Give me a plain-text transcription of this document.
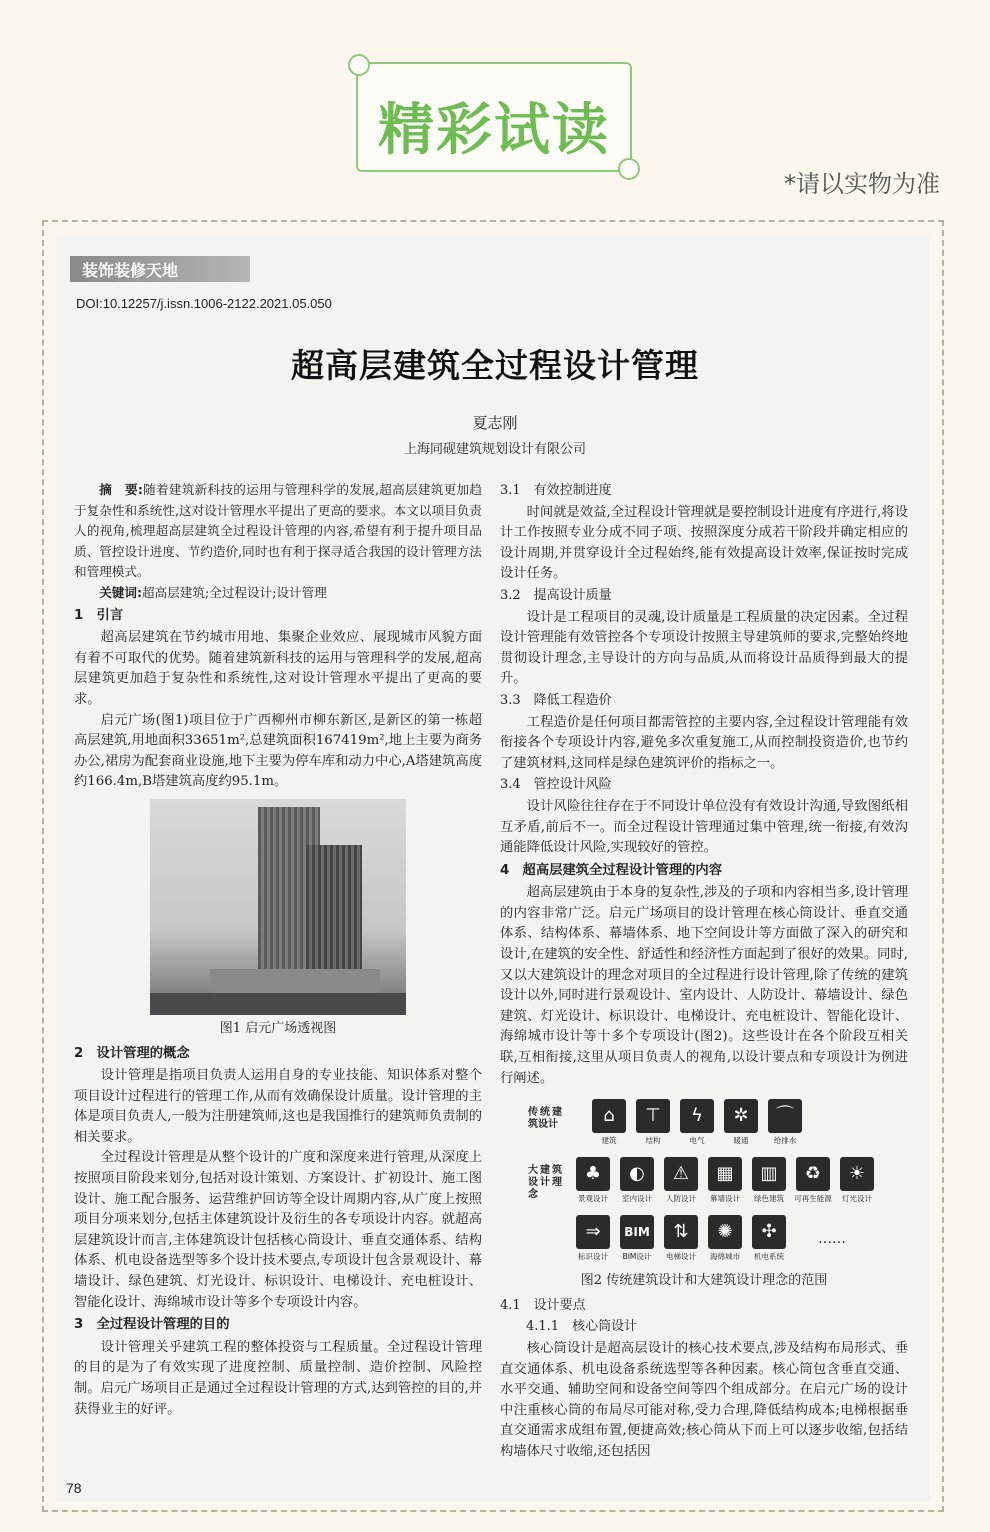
精彩试读
*请以实物为准
装饰装修天地
DOI:10.12257/j.issn.1006-2122.2021.05.050
超高层建筑全过程设计管理
夏志刚
上海同砚建筑规划设计有限公司

摘　要:随着建筑新科技的运用与管理科学的发展,超高层建筑更加趋于复杂性和系统性,这对设计管理水平提出了更高的要求。本文以项目负责人的视角,梳理超高层建筑全过程设计管理的内容,希望有利于提升项目品质、管控设计进度、节约造价,同时也有利于探寻适合我国的设计管理方法和管理模式。

关键词:超高层建筑;全过程设计;设计管理

1　引言

超高层建筑在节约城市用地、集聚企业效应、展现城市风貌方面有着不可取代的优势。随着建筑新科技的运用与管理科学的发展,超高层建筑更加趋于复杂性和系统性,这对设计管理水平提出了更高的要求。

启元广场(图1)项目位于广西柳州市柳东新区,是新区的第一栋超高层建筑,用地面积33651m²,总建筑面积167419m²,地上主要为商务办公,裙房为配套商业设施,地下主要为停车库和动力中心,A塔建筑高度约166.4m,B塔建筑高度约95.1m。

图1 启元广场透视图
2　设计管理的概念

设计管理是指项目负责人运用自身的专业技能、知识体系对整个项目设计过程进行的管理工作,从而有效确保设计质量。设计管理的主体是项目负责人,一般为注册建筑师,这也是我国推行的建筑师负责制的相关要求。

全过程设计管理是从整个设计的广度和深度来进行管理,从深度上按照项目阶段来划分,包括对设计策划、方案设计、扩初设计、施工图设计、施工配合服务、运营维护回访等全设计周期内容,从广度上按照项目分项来划分,包括主体建筑设计及衍生的各专项设计内容。就超高层建筑设计而言,主体建筑设计包括核心筒设计、垂直交通体系、结构体系、机电设备选型等多个设计技术要点,专项设计包含景观设计、幕墙设计、绿色建筑、灯光设计、标识设计、电梯设计、充电桩设计、智能化设计、海绵城市设计等多个专项设计内容。

3　全过程设计管理的目的

设计管理关乎建筑工程的整体投资与工程质量。全过程设计管理的目的是为了有效实现了进度控制、质量控制、造价控制、风险控制。启元广场项目正是通过全过程设计管理的方式,达到管控的目的,并获得业主的好评。

3.1　有效控制进度

时间就是效益,全过程设计管理就是要控制设计进度有序进行,将设计工作按照专业分成不同子项、按照深度分成若干阶段并确定相应的设计周期,并贯穿设计全过程始终,能有效提高设计效率,保证按时完成设计任务。

3.2　提高设计质量

设计是工程项目的灵魂,设计质量是工程质量的决定因素。全过程设计管理能有效管控各个专项设计按照主导建筑师的要求,完整始终地贯彻设计理念,主导设计的方向与品质,从而将设计品质得到最大的提升。

3.3　降低工程造价

工程造价是任何项目都需管控的主要内容,全过程设计管理能有效衔接各个专项设计内容,避免多次重复施工,从而控制投资造价,也节约了建筑材料,这同样是绿色建筑评价的指标之一。

3.4　管控设计风险

设计风险往往存在于不同设计单位没有有效设计沟通,导致图纸相互矛盾,前后不一。而全过程设计管理通过集中管理,统一衔接,有效沟通能降低设计风险,实现较好的管控。

4　超高层建筑全过程设计管理的内容

超高层建筑由于本身的复杂性,涉及的子项和内容相当多,设计管理的内容非常广泛。启元广场项目的设计管理在核心筒设计、垂直交通体系、结构体系、幕墙体系、地下空间设计等方面做了深入的研究和设计,在建筑的安全性、舒适性和经济性方面起到了很好的效果。同时,又以大建筑设计的理念对项目的全过程进行设计管理,除了传统的建筑设计以外,同时进行景观设计、室内设计、人防设计、幕墙设计、绿色建筑、灯光设计、标识设计、电梯设计、充电桩设计、智能化设计、海绵城市设计等十多个专项设计(图2)。这些设计在各个阶段互相关联,互相衔接,这里从项目负责人的视角,以设计要点和专项设计为例进行阐述。

传统建筑设计
大建筑设计理念
……
⌂
建筑
⊤
结构
ϟ
电气
✲
暖通
⌒
给排水
♣
景观设计
◐
室内设计
⚠
人防设计
▦
幕墙设计
▥
绿色建筑
♻
可再生能源
☀
灯光设计
⇒
标识设计
BIM
BIM设计
⇅
电梯设计
✺
海绵城市
✣
机电系统
图2 传统建筑设计和大建筑设计理念的范围
4.1　设计要点
4.1.1　核心筒设计

核心筒设计是超高层设计的核心技术要点,涉及结构布局形式、垂直交通体系、机电设备系统选型等各种因素。核心筒包含垂直交通、水平交通、辅助空间和设备空间等四个组成部分。在启元广场的设计中注重核心筒的布局尽可能对称,受力合理,降低结构成本;电梯根据垂直交通需求成组布置,便捷高效;核心筒从下而上可以逐步收缩,包括结构墙体尺寸收缩,还包括因

78
